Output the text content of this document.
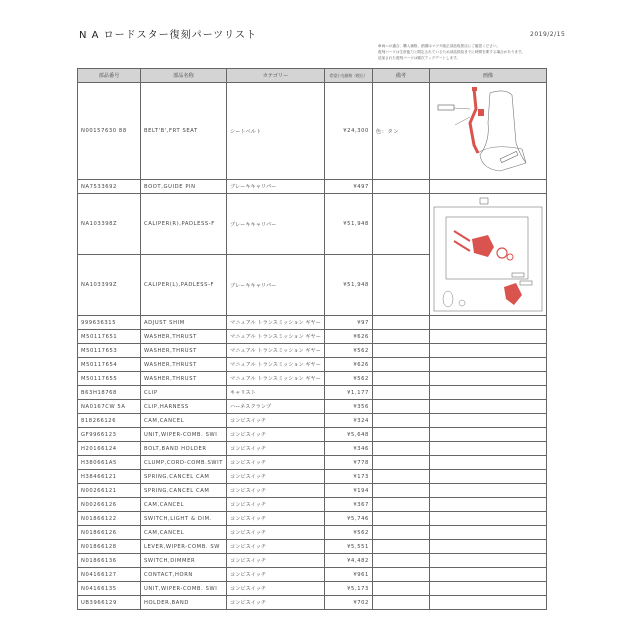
N A ロードスター復刻パーツリスト	2019/2/15
車両への適合、購入価格、納期はマツダ純正部品取扱店にご確認ください。
復刻パーツは生産能力と限定されているため部品供給までに時間を要する場合があります。
追加された復刻パーツは順次アップデートします。
部品番号	部品名称	カテゴリー	希望小売価格（税込）	備考	画像
N00157630 88	BELT'B',FRT SEAT	シートベルト	¥24,300	色：タン	
NA7533692	BOOT,GUIDE PIN	ブレーキキャリパー	¥497		
NA103398Z	CALIPER(R),PADLESS-F	ブレーキキャリパー	¥51,948		
NA103399Z	CALIPER(L),PADLESS-F	ブレーキキャリパー	¥51,948		
999636315	ADJUST SHIM	マニュアル トランスミッション ギヤー	¥97		
M50117651	WASHER,THRUST	マニュアル トランスミッション ギヤー	¥626		
M50117653	WASHER,THRUST	マニュアル トランスミッション ギヤー	¥562		
M50117654	WASHER,THRUST	マニュアル トランスミッション ギヤー	¥626		
M50117655	WASHER,THRUST	マニュアル トランスミッション ギヤー	¥562		
B63H18768	CLIP	キャリスト	¥1,177		
NA0167CW 5A	CLIP,HARNESS	ハーネスクランプ	¥356		
818266126	CAM,CANCEL	コンビスイッチ	¥324		
GF9966123	UNIT,WIPER-COMB. SWI	コンビスイッチ	¥5,648		
H20166124	BOLT,BAND HOLDER	コンビスイッチ	¥346		
H380661A5	CLUMP,CORD-COMB.SWIT	コンビスイッチ	¥778		
H38466121	SPRING,CANCEL CAM	コンビスイッチ	¥173		
N00266121	SPRING,CANCEL CAM	コンビスイッチ	¥194		
N00266126	CAM,CANCEL	コンビスイッチ	¥367		
N01866122	SWITCH,LIGHT & DIM.	コンビスイッチ	¥5,746		
N01866126	CAM,CANCEL	コンビスイッチ	¥562		
N01866128	LEVER,WIPER-COMB. SW	コンビスイッチ	¥5,551		
N01866136	SWITCH,DIMMER	コンビスイッチ	¥4,482		
N04166127	CONTACT,HORN	コンビスイッチ	¥961		
N04166135	UNIT,WIPER-COMB. SWI	コンビスイッチ	¥5,173		
UB3966129	HOLDER,BAND	コンビスイッチ	¥702		
